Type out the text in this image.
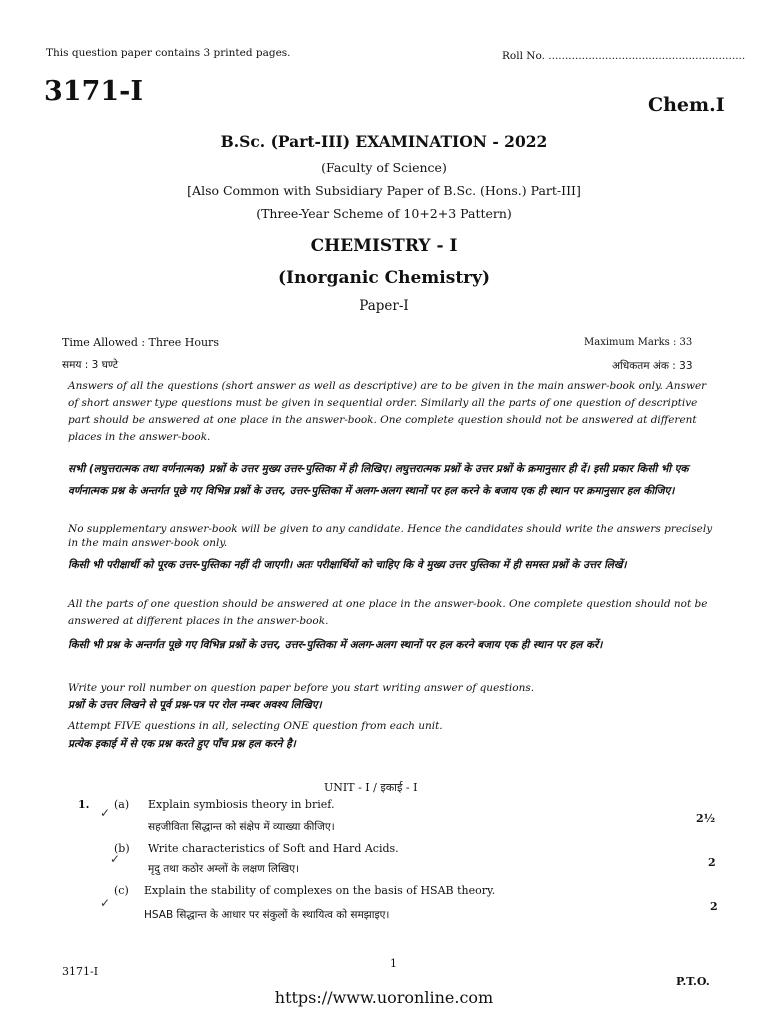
This question paper contains 3 printed pages.	Roll No. ...........................................................
3171-I	Chem.I
B.Sc. (Part-III) EXAMINATION - 2022
(Faculty of Science)
[Also Common with Subsidiary Paper of B.Sc. (Hons.) Part-III]
(Three-Year Scheme of 10+2+3 Pattern)
CHEMISTRY - I
(Inorganic Chemistry)
Paper-I
Time Allowed : Three Hours	Maximum Marks : 33
समय : 3 घण्टे	अधिकतम अंक : 33
Answers of all the questions (short answer as well as descriptive) are to be given in the main answer-book only. Answer of short answer type questions must be given in sequential order. Similarly all the parts of one question of descriptive part should be answered at one place in the answer-book. One complete question should not be answered at different places in the answer-book.
सभी (लघुत्तरात्मक तथा वर्णनात्मक) प्रश्नों के उत्तर मुख्य उत्तर-पुस्तिका में ही लिखिए। लघुत्तरात्मक प्रश्नों के उत्तर प्रश्नों के क्रमानुसार ही दें। इसी प्रकार किसी भी एक वर्णनात्मक प्रश्न के अन्तर्गत पूछे गए विभिन्न प्रश्नों के उत्तर, उत्तर-पुस्तिका में अलग-अलग स्थानों पर हल करने के बजाय एक ही स्थान पर क्रमानुसार हल कीजिए।
No supplementary answer-book will be given to any candidate. Hence the candidates should write the answers precisely in the main answer-book only.
किसी भी परीक्षार्थी को पूरक उत्तर-पुस्तिका नहीं दी जाएगी। अतः परीक्षार्थियों को चाहिए कि वे मुख्य उत्तर पुस्तिका में ही समस्त प्रश्नों के उत्तर लिखें।
All the parts of one question should be answered at one place in the answer-book. One complete question should not be answered at different places in the answer-book.
किसी भी प्रश्न के अन्तर्गत पूछे गए विभिन्न प्रश्नों के उत्तर, उत्तर-पुस्तिका में अलग-अलग स्थानों पर हल करने बजाय एक ही स्थान पर हल करें।
Write your roll number on question paper before you start writing answer of questions.
प्रश्नों के उत्तर लिखने से पूर्व प्रश्न-पत्र पर रोल नम्बर अवश्य लिखिए।
Attempt FIVE questions in all, selecting ONE question from each unit.
प्रत्येक इकाई में से एक प्रश्न करते हुए पाँच प्रश्न हल करने है।
UNIT - I / इकाई - I
1. (a) Explain symbiosis theory in brief.
सहजीविता सिद्धान्त को संक्षेप में व्याख्या कीजिए।
2½
✓
(b) Write characteristics of Soft and Hard Acids.
मृदु तथा कठोर अम्लों के लक्षण लिखिए।	2
✓
(c) Explain the stability of complexes on the basis of HSAB theory.
HSAB सिद्धान्त के आधार पर संकुलों के स्थायित्व को समझाइए।
2
✓
3171-I
1
P.T.O.
https://www.uoronline.com
